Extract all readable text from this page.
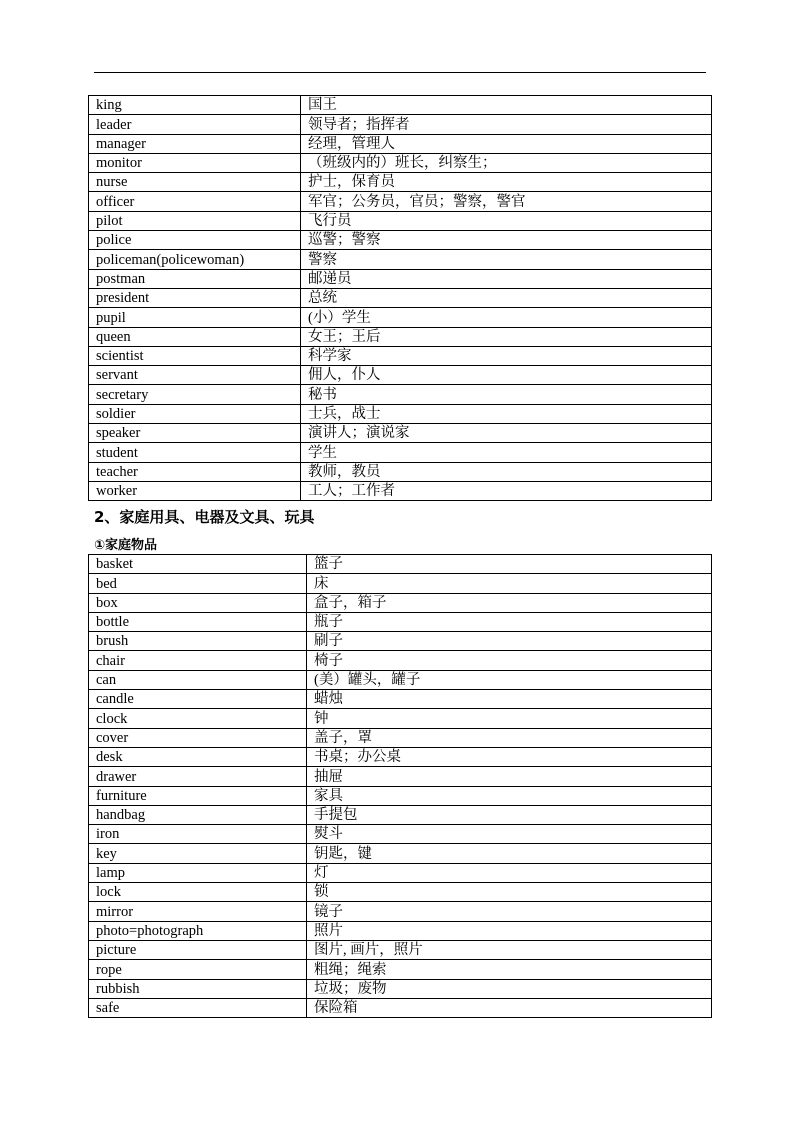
king	国王
leader	领导者；指挥者
manager	经理，管理人
monitor	（班级内的）班长，纠察生；
nurse	护士，保育员
officer	军官；公务员，官员；警察，警官
pilot	飞行员
police	巡警；警察
policeman(policewoman)	警察
postman	邮递员
president	总统
pupil	(小）学生
queen	女王；王后
scientist	科学家
servant	佣人，仆人
secretary	秘书
soldier	士兵，战士
speaker	演讲人；演说家
student	学生
teacher	教师，教员
worker	工人；工作者
2、家庭用具、电器及文具、玩具
①家庭物品
basket	篮子
bed	床
box	盒子，箱子
bottle	瓶子
brush	刷子
chair	椅子
can	(美）罐头，罐子
candle	蜡烛
clock	钟
cover	盖子，罩
desk	书桌；办公桌
drawer	抽屉
furniture	家具
handbag	手提包
iron	熨斗
key	钥匙，键
lamp	灯
lock	锁
mirror	镜子
photo=photograph	照片
picture	图片, 画片，照片
rope	粗绳；绳索
rubbish	垃圾；废物
safe	保险箱
